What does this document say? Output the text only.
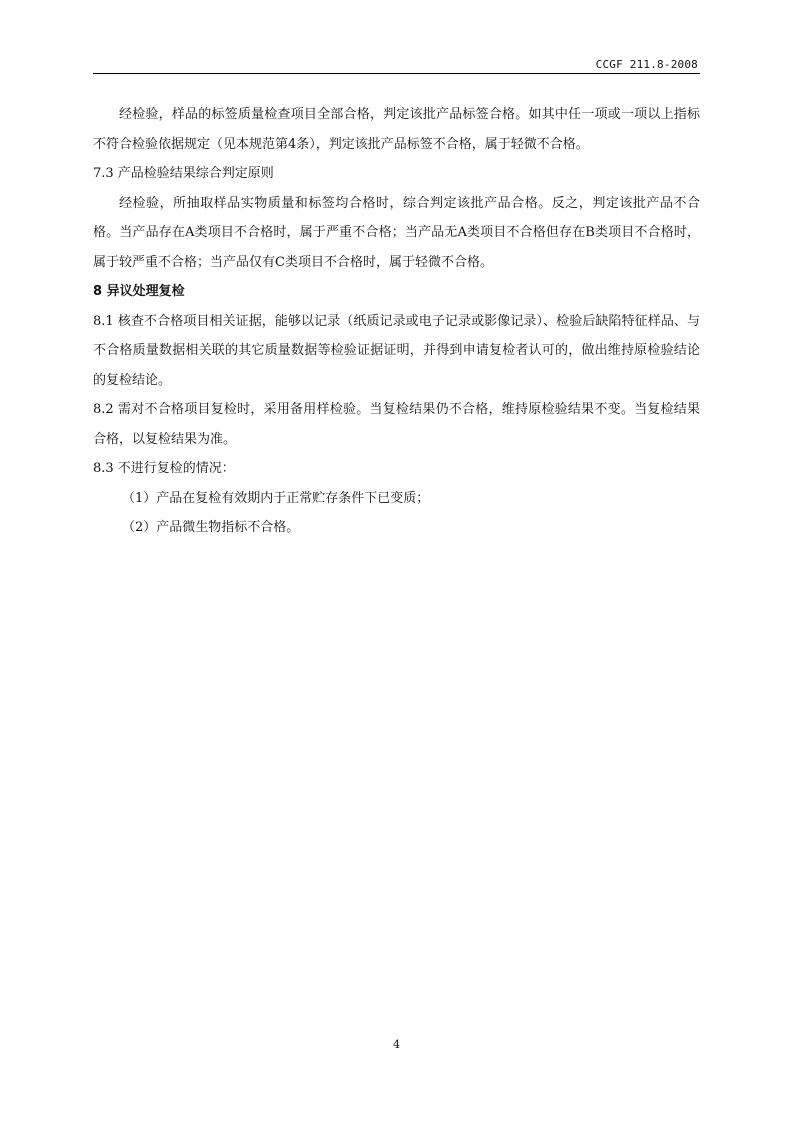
CCGF 211.8-2008

经检验，样品的标签质量检查项目全部合格，判定该批产品标签合格。如其中任一项或一项以上指标不符合检验依据规定（见本规范第4条），判定该批产品标签不合格，属于轻微不合格。

7.3 产品检验结果综合判定原则

经检验，所抽取样品实物质量和标签均合格时，综合判定该批产品合格。反之，判定该批产品不合格。当产品存在A类项目不合格时，属于严重不合格；当产品无A类项目不合格但存在B类项目不合格时，属于较严重不合格；当产品仅有C类项目不合格时，属于轻微不合格。

8 异议处理复检

8.1 核查不合格项目相关证据，能够以记录（纸质记录或电子记录或影像记录）、检验后缺陷特征样品、与不合格质量数据相关联的其它质量数据等检验证据证明，并得到申请复检者认可的，做出维持原检验结论的复检结论。

8.2 需对不合格项目复检时，采用备用样检验。当复检结果仍不合格，维持原检验结果不变。当复检结果合格，以复检结果为准。

8.3 不进行复检的情况：

（1）产品在复检有效期内于正常贮存条件下已变质；

（2）产品微生物指标不合格。

4
